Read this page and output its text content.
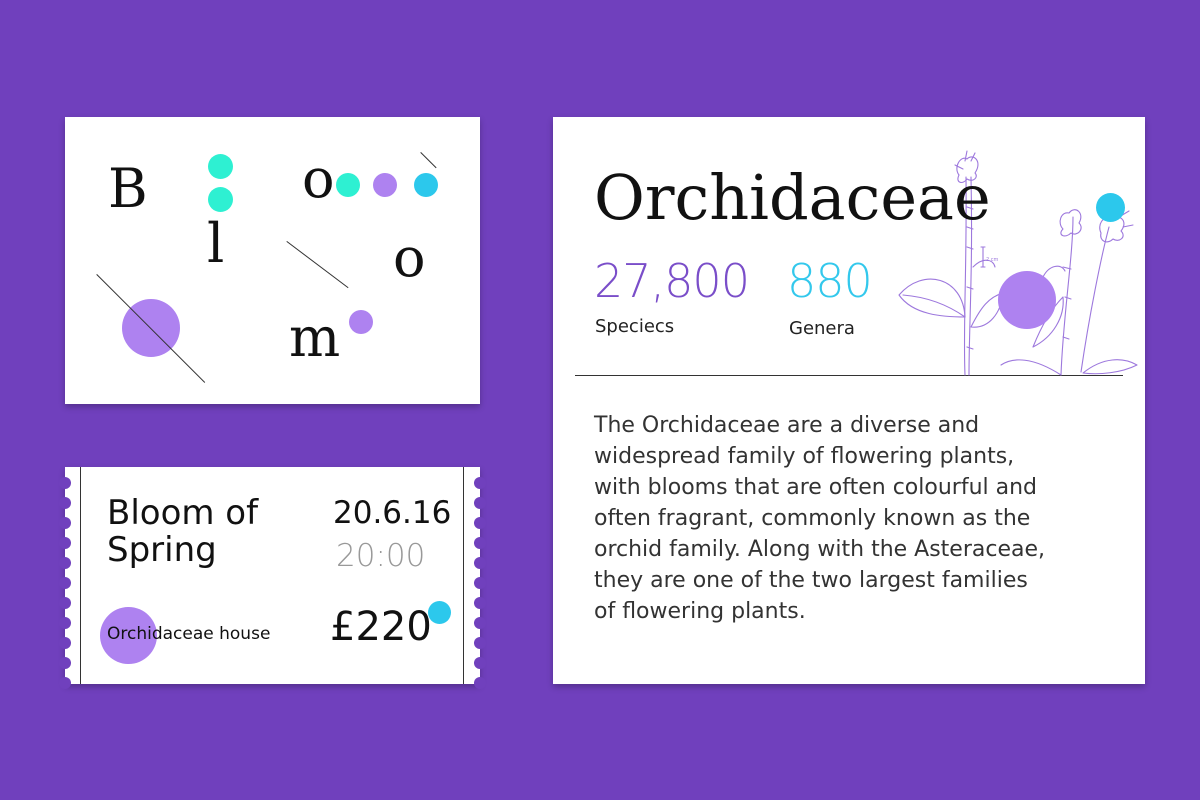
B
l
o
o
m
Bloom of
Spring
20.6.16
20:00
Orchidaceae house £220
2 cm
Orchidaceae
27,800
Speciecs
880
Genera

The Orchidaceae are a diverse and
widespread family of flowering plants,
with blooms that are often colourful and
often fragrant, commonly known as the
orchid family. Along with the Asteraceae,
they are one of the two largest families
of flowering plants.
